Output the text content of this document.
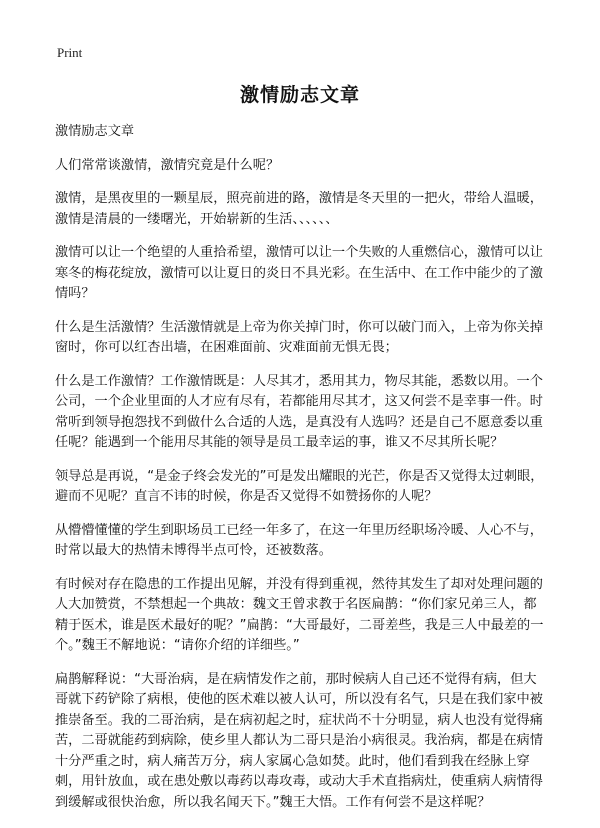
Print
激情励志文章

激情励志文章

人们常常谈激情，激情究竟是什么呢？

激情，是黑夜里的一颗星辰，照亮前进的路，激情是冬天里的一把火，带给人温暖，激情是清晨的一缕曙光，开始崭新的生活、、、、、、

激情可以让一个绝望的人重拾希望，激情可以让一个失败的人重燃信心，激情可以让寒冬的梅花绽放，激情可以让夏日的炎日不具光彩。在生活中、在工作中能少的了激情吗？

什么是生活激情？生活激情就是上帝为你关掉门时，你可以破门而入，上帝为你关掉窗时，你可以红杏出墙，在困难面前、灾难面前无惧无畏；

什么是工作激情？工作激情既是：人尽其才，悉用其力，物尽其能，悉数以用。一个公司，一个企业里面的人才应有尽有，若都能用尽其才，这又何尝不是幸事一件。时常听到领导抱怨找不到做什么合适的人选，是真没有人选吗？还是自己不愿意委以重任呢？能遇到一个能用尽其能的领导是员工最幸运的事，谁又不尽其所长呢？

领导总是再说，“是金子终会发光的”可是发出耀眼的光芒，你是否又觉得太过刺眼，避而不见呢？直言不讳的时候，你是否又觉得不如赞扬你的人呢？

从懵懵懂懂的学生到职场员工已经一年多了，在这一年里历经职场冷暖、人心不与，时常以最大的热情未博得半点可怜，还被数落。

有时候对存在隐患的工作提出见解，并没有得到重视，然待其发生了却对处理问题的人大加赞赏，不禁想起一个典故：魏文王曾求教于名医扁鹊：“你们家兄弟三人，都精于医术，谁是医术最好的呢？”扁鹊：“大哥最好，二哥差些，我是三人中最差的一个。”魏王不解地说：“请你介绍的详细些。”

扁鹊解释说：“大哥治病，是在病情发作之前，那时候病人自己还不觉得有病，但大哥就下药铲除了病根，使他的医术难以被人认可，所以没有名气，只是在我们家中被推崇备至。我的二哥治病，是在病初起之时，症状尚不十分明显，病人也没有觉得痛苦，二哥就能药到病除，使乡里人都认为二哥只是治小病很灵。我治病，都是在病情十分严重之时，病人痛苦万分，病人家属心急如焚。此时，他们看到我在经脉上穿刺，用针放血，或在患处敷以毒药以毒攻毒，或动大手术直指病灶，使重病人病情得到缓解或很快治愈，所以我名闻天下。”魏王大悟。工作有何尝不是这样呢？
